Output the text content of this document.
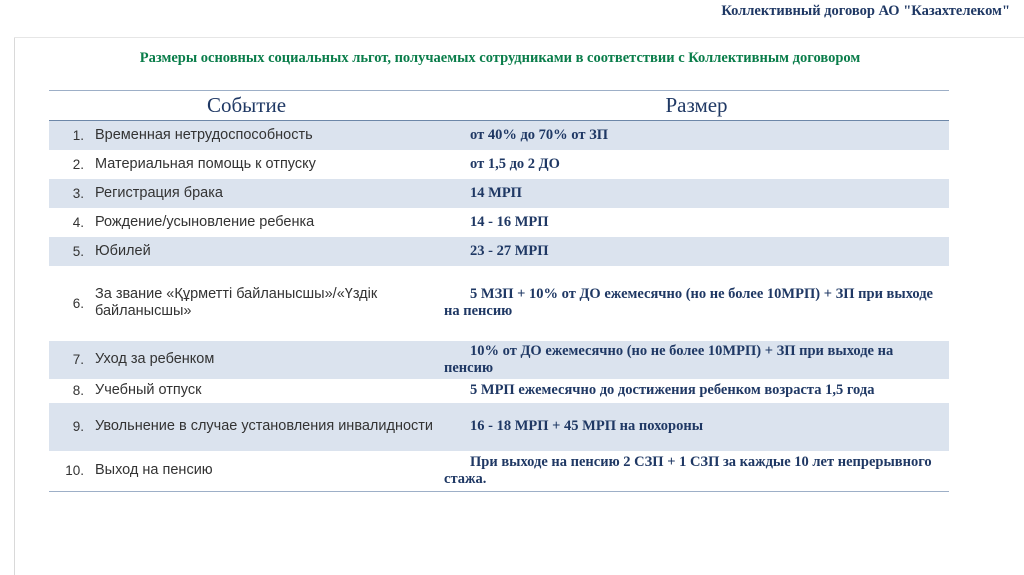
Коллективный договор АО "Казахтелеком"
Размеры основных социальных льгот, получаемых сотрудниками в соответствии с Коллективным договором
Событие		Размер
1.	Временная нетрудоспособность	от 40% до 70% от ЗП
2.	Материальная помощь к отпуску	от 1,5 до 2 ДО
3.	Регистрация брака	14 МРП
4.	Рождение/усыновление ребенка	14 - 16 МРП
5.	Юбилей	23 - 27 МРП
6.	За звание «Құрметті байланысшы»/«Үздік байланысшы»	5 МЗП + 10% от ДО ежемесячно (но не более 10МРП) + ЗП при выходе на пенсию
7.	Уход за ребенком	10% от ДО ежемесячно (но не более 10МРП) + ЗП при выходе на пенсию
8.	Учебный отпуск	5 МРП ежемесячно до достижения ребенком возраста 1,5 года
9.	Увольнение в случае установления инвалидности	16 - 18 МРП + 45 МРП на похороны
10.	Выход на пенсию	При выходе на пенсию 2 СЗП + 1 СЗП за каждые 10 лет непрерывного стажа.
